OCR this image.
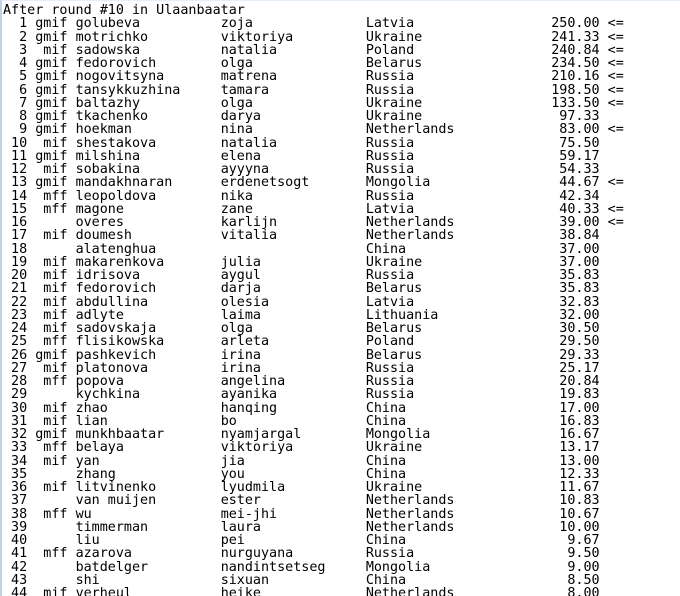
After round #10 in Ulaanbaatar
1 gmif golubeva          zoja              Latvia                 250.00 <=
2 gmif motrichko         viktoriya         Ukraine                241.33 <=
3  mif sadowska          natalia           Poland                 240.84 <=
4 gmif fedorovich        olga              Belarus                234.50 <=
5 gmif nogovitsyna       matrena           Russia                 210.16 <=
6 gmif tansykkuzhina     tamara            Russia                 198.50 <=
7 gmif baltazhy          olga              Ukraine                133.50 <=
8 gmif tkachenko         darya             Ukraine                 97.33
9 gmif hoekman           nina              Netherlands             83.00 <=
10  mif shestakova        natalia           Russia                  75.50
11 gmif milshina          elena             Russia                  59.17
12  mif sobakina          ayyyna            Russia                  54.33
13 gmif mandakhnaran      erdenetsogt       Mongolia                44.67 <=
14  mff leopoldova        nika              Russia                  42.34
15  mff magone            zane              Latvia                  40.33 <=
16	overes            karlijn           Netherlands             39.00 <=
17  mif doumesh           vitalia           Netherlands             38.84
18	alatenghua	China                   37.00
19  mif makarenkova       julia             Ukraine                 37.00
20  mif idrisova          aygul             Russia                  35.83
21  mif fedorovich        darja             Belarus                 35.83
22  mif abdullina         olesia            Latvia                  32.83
23  mif adlyte            laima             Lithuania               32.00
24  mif sadovskaja        olga              Belarus                 30.50
25  mff flisikowska       arleta            Poland                  29.50
26 gmif pashkevich        irina             Belarus                 29.33
27  mif platonova         irina             Russia                  25.17
28  mff popova            angelina          Russia                  20.84
29	kychkina          ayanika           Russia                  19.83
30  mif zhao              hanqing           China                   17.00
31  mif lian              bo                China                   16.83
32 gmif munkhbaatar       nyamjargal        Mongolia                16.67
33  mff belaya            viktoriya         Ukraine                 13.17
34  mif yan               jia               China                   13.00
35	zhang             you               China                   12.33
36  mif litvinenko        lyudmila          Ukraine                 11.67
37	van muijen        ester             Netherlands             10.83
38  mff wu                mei-jhi           Netherlands             10.67
39	timmerman         laura             Netherlands             10.00
40	liu               pei               China                    9.67
41  mff azarova           nurguyana         Russia                   9.50
42	batdelger         nandintsetseg     Mongolia                 9.00
43	shi               sixuan            China                    8.50
44  mif verheul           heike             Netherlands              8.00
